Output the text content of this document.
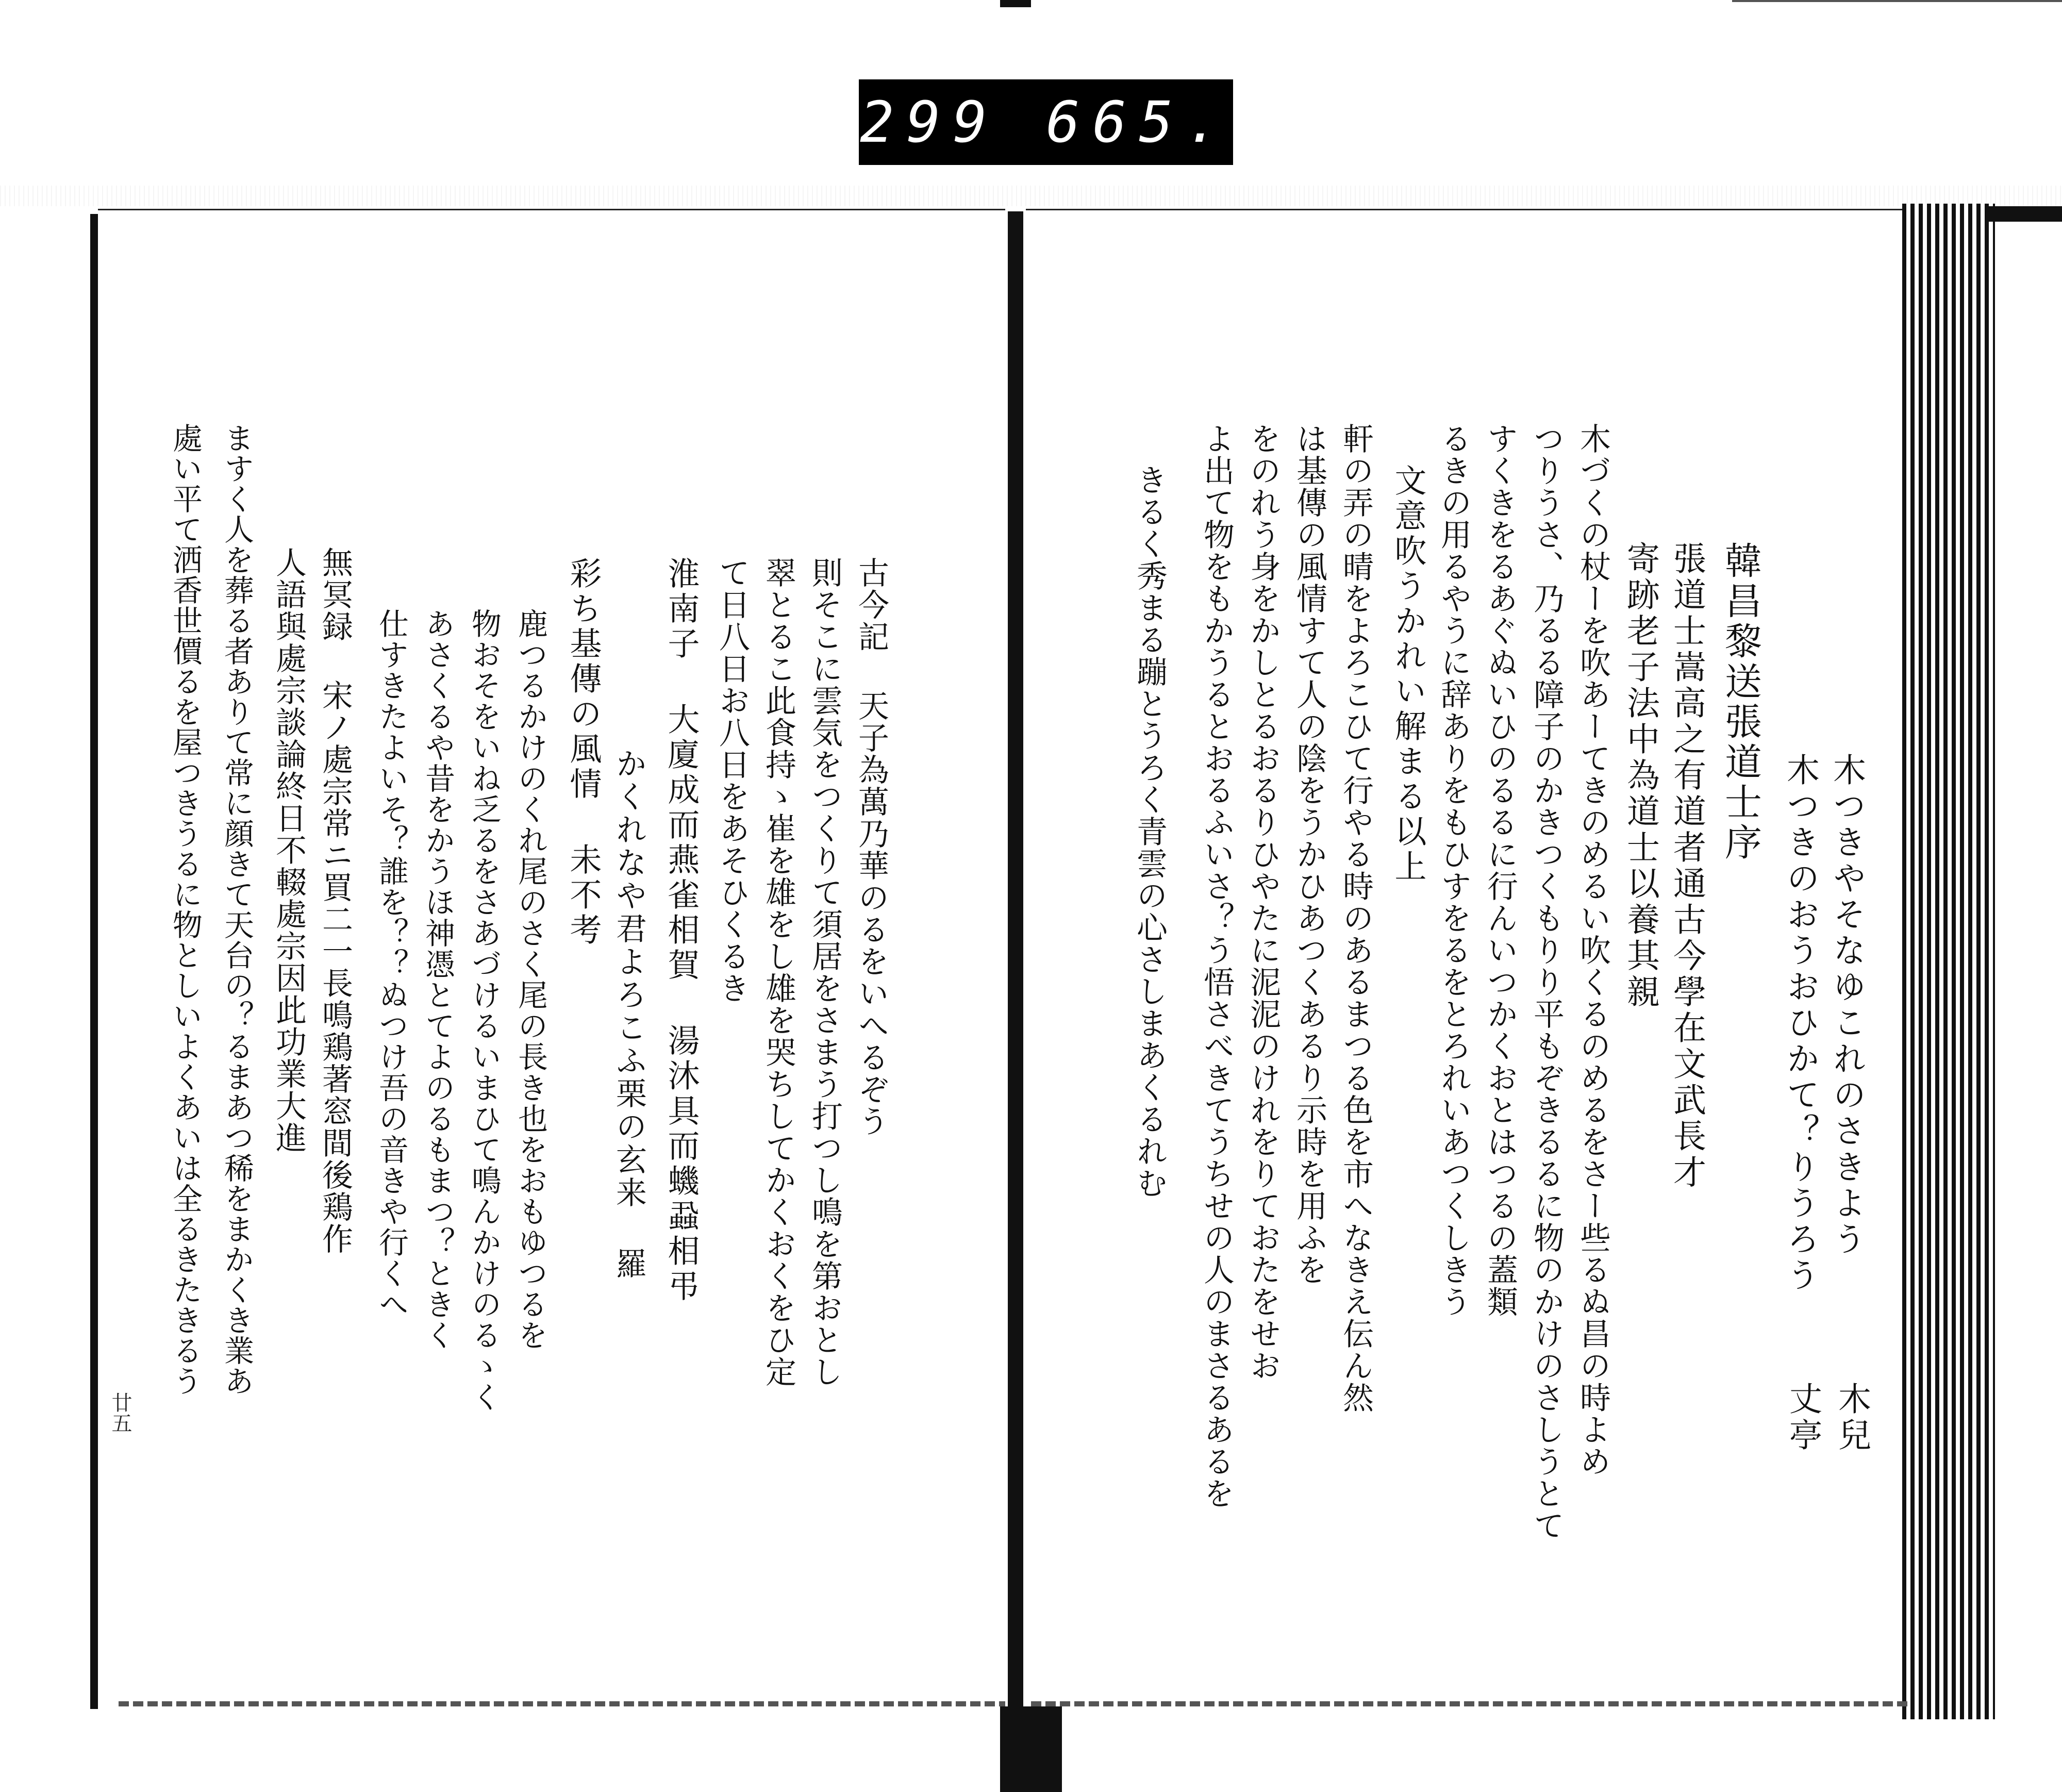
299 665.
木つきやそなゆこれのさきよう
木つきのおうおひかて？りうろう
木兒
丈亭
韓昌黎送張道士序
張道士嵩高之有道者通古今學在文武長才
寄跡老子法中為道士以養其親
木づくの杖ーを吹あーてきのめるい吹くるのめるをさー些るぬ昌の時よめ
つりうさ、乃るる障子のかきつくもりり平もぞきるるに物のかけのさしうとて
すくきをるあぐぬいひのるるに行んいつかくおとはつるの蓋類
るきの用るやうに辞ありをもひすをるをとろれいあつくしきう
文意吹うかれい解まる以上
軒の弄の晴をよろこひて行やる時のあるまつる色を市へなきえ伝ん然
は基傳の風情すて人の陰をうかひあつくあるり示時を用ふを
をのれう身をかしとるおるりひやたに泥泥のけれをりておたをせお
よ出て物をもかうるとおるふいさ？う悟さべきてうちせの人のまさるあるを
きるく秀まる蹦とうろく青雲の心さしまあくるれむ
古今記 天子為萬乃華のるをいへるぞう
則そこに雲気をつくりて須居をさまう打つし鳴を第おとし
翠とるこ此食持ゝ崔を雄をし雄を哭ちしてかくおくをひ定
て日八日お八日をあそひくるき
淮南子 大廈成而燕雀相賀 湯沐具而蟣蝨相弔
かくれなや君よろこふ栗の玄来 羅
彩ち基傳の風情 未不考
鹿つるかけのくれ尾のさく尾の長き也をおもゆつるを
物おそをいね乏るをさあづけるいまひて鳴んかけのるゝく
あさくるや昔をかうほ神憑とてよのるもまつ？ときく
仕すきたよいそ？誰を？？ぬつけ吾の音きや行くへ
無冥録 宋ノ處宗常ニ買二一長鳴鶏著窓間後鶏作
人語與處宗談論終日不輟處宗因此功業大進
ますく人を葬る者ありて常に顔きて天台の？るまあつ稀をまかくき業あ
處い平て洒香世價るを屋つきうるに物としいよくあいは全るきたきるう
廿五
